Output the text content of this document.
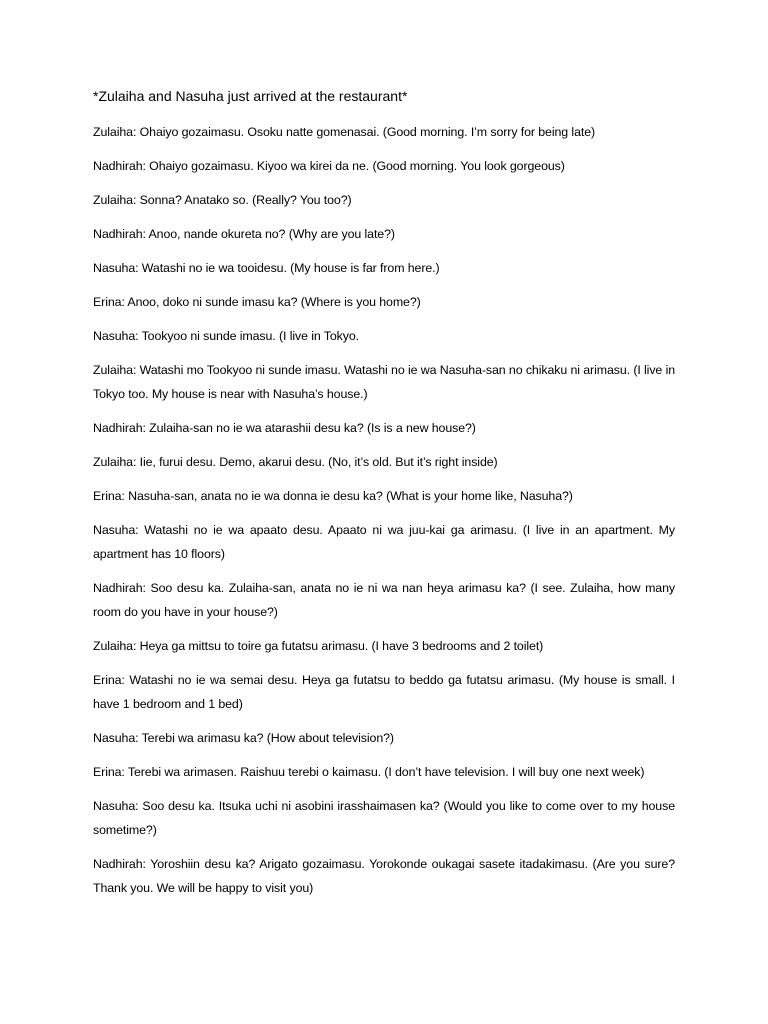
*Zulaiha and Nasuha just arrived at the restaurant*
Zulaiha: Ohaiyo gozaimasu. Osoku natte gomenasai. (Good morning. I’m sorry for being late)
Nadhirah: Ohaiyo gozaimasu. Kiyoo wa kirei da ne. (Good morning. You look gorgeous)
Zulaiha: Sonna? Anatako so. (Really? You too?)
Nadhirah: Anoo, nande okureta no? (Why are you late?)
Nasuha: Watashi no ie wa tooidesu. (My house is far from here.)
Erina: Anoo, doko ni sunde imasu ka? (Where is you home?)
Nasuha: Tookyoo ni sunde imasu. (I live in Tokyo.
Zulaiha: Watashi mo Tookyoo ni sunde imasu. Watashi no ie wa Nasuha-san no chikaku ni arimasu. (I live in Tokyo too. My house is near with Nasuha’s house.)
Nadhirah: Zulaiha-san no ie wa atarashii desu ka? (Is is a new house?)
Zulaiha: Iie, furui desu. Demo, akarui desu. (No, it’s old. But it’s right inside)
Erina: Nasuha-san, anata no ie wa donna ie desu ka? (What is your home like, Nasuha?)
Nasuha: Watashi no ie wa apaato desu. Apaato ni wa juu-kai ga arimasu. (I live in an apartment. My apartment has 10 floors)
Nadhirah: Soo desu ka. Zulaiha-san, anata no ie ni wa nan heya arimasu ka? (I see. Zulaiha, how many room do you have in your house?)
Zulaiha: Heya ga mittsu to toire ga futatsu arimasu. (I have 3 bedrooms and 2 toilet)
Erina: Watashi no ie wa semai desu. Heya ga futatsu to beddo ga futatsu arimasu. (My house is small. I have 1 bedroom and 1 bed)
Nasuha: Terebi wa arimasu ka? (How about television?)
Erina: Terebi wa arimasen. Raishuu terebi o kaimasu. (I don’t have television. I will buy one next week)
Nasuha: Soo desu ka. Itsuka uchi ni asobini irasshaimasen ka? (Would you like to come over to my house sometime?)
Nadhirah: Yoroshiin desu ka? Arigato gozaimasu. Yorokonde oukagai sasete itadakimasu. (Are you sure? Thank you. We will be happy to visit you)
